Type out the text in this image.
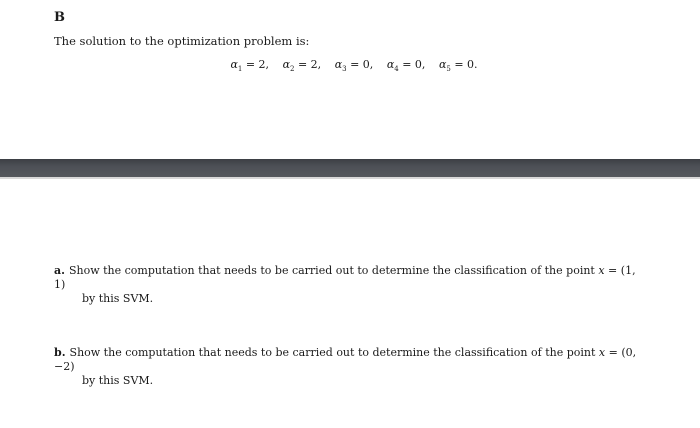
B
The solution to the optimization problem is:
$\alpha_1 = 2$, $\alpha_2 = 2$, $\alpha_3 = 0$, $\alpha_4 = 0$, $\alpha_5 = 0$.
a. Show the computation that needs to be carried out to determine the classification of the point x = (1, 1)
by this SVM.
b. Show the computation that needs to be carried out to determine the classification of the point x = (0, −2)
by this SVM.
